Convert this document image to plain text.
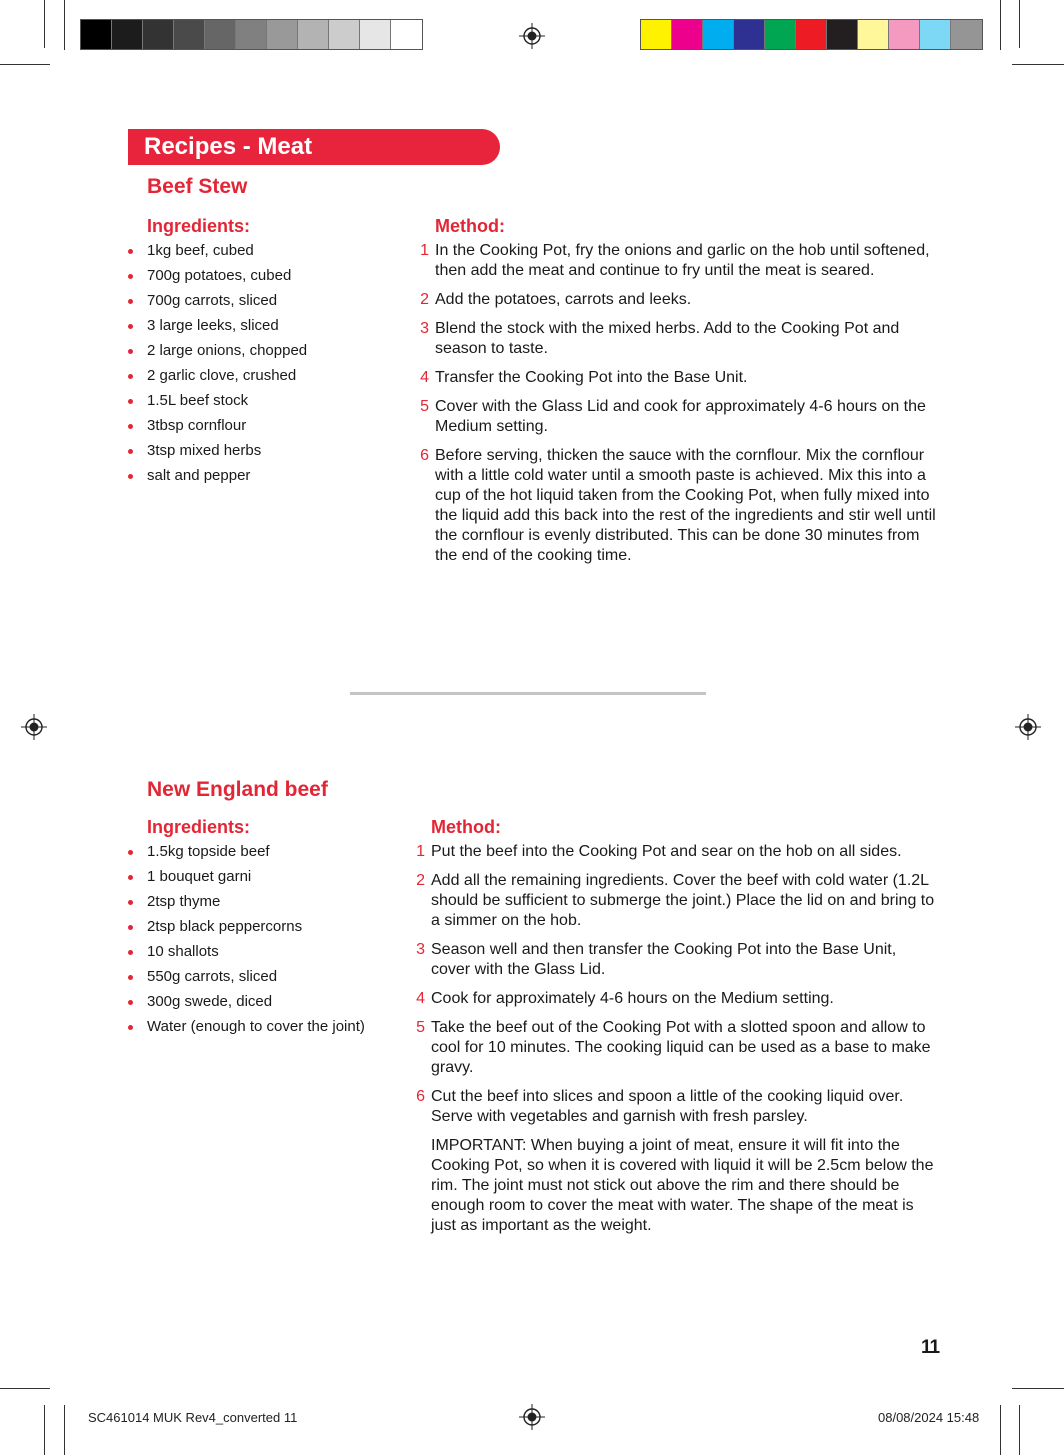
Recipes - Meat
Beef Stew
Ingredients:
1kg beef, cubed
700g potatoes, cubed
700g carrots, sliced
3 large leeks, sliced
2 large onions, chopped
2 garlic clove, crushed
1.5L beef stock
3tbsp cornflour
3tsp mixed herbs
salt and pepper
Method:
1 In the Cooking Pot, fry the onions and garlic on the hob until softened, then add the meat and continue to fry until the meat is seared.
2 Add the potatoes, carrots and leeks.
3 Blend the stock with the mixed herbs. Add to the Cooking Pot and season to taste.
4 Transfer the Cooking Pot into the Base Unit.
5 Cover with the Glass Lid and cook for approximately 4-6 hours on the Medium setting.
6 Before serving, thicken the sauce with the cornflour. Mix the cornflour with a little cold water until a smooth paste is achieved. Mix this into a cup of the hot liquid taken from the Cooking Pot, when fully mixed into the liquid add this back into the rest of the ingredients and stir well until the cornflour is evenly distributed. This can be done 30 minutes from the end of the cooking time.
New England beef
Ingredients:
1.5kg topside beef
1 bouquet garni
2tsp thyme
2tsp black peppercorns
10 shallots
550g carrots, sliced
300g swede, diced
Water (enough to cover the joint)
Method:
1 Put the beef into the Cooking Pot and sear on the hob on all sides.
2 Add all the remaining ingredients. Cover the beef with cold water (1.2L should be sufficient to submerge the joint.) Place the lid on and bring to a simmer on the hob.
3 Season well and then transfer the Cooking Pot into the Base Unit, cover with the Glass Lid.
4 Cook for approximately 4-6 hours on the Medium setting.
5 Take the beef out of the Cooking Pot with a slotted spoon and allow to cool for 10 minutes. The cooking liquid can be used as a base to make gravy.
6 Cut the beef into slices and spoon a little of the cooking liquid over. Serve with vegetables and garnish with fresh parsley.
IMPORTANT: When buying a joint of meat, ensure it will fit into the Cooking Pot, so when it is covered with liquid it will be 2.5cm below the rim. The joint must not stick out above the rim and there should be enough room to cover the meat with water. The shape of the meat is just as important as the weight.
11
SC461014 MUK Rev4_converted 11	08/08/2024 15:48
